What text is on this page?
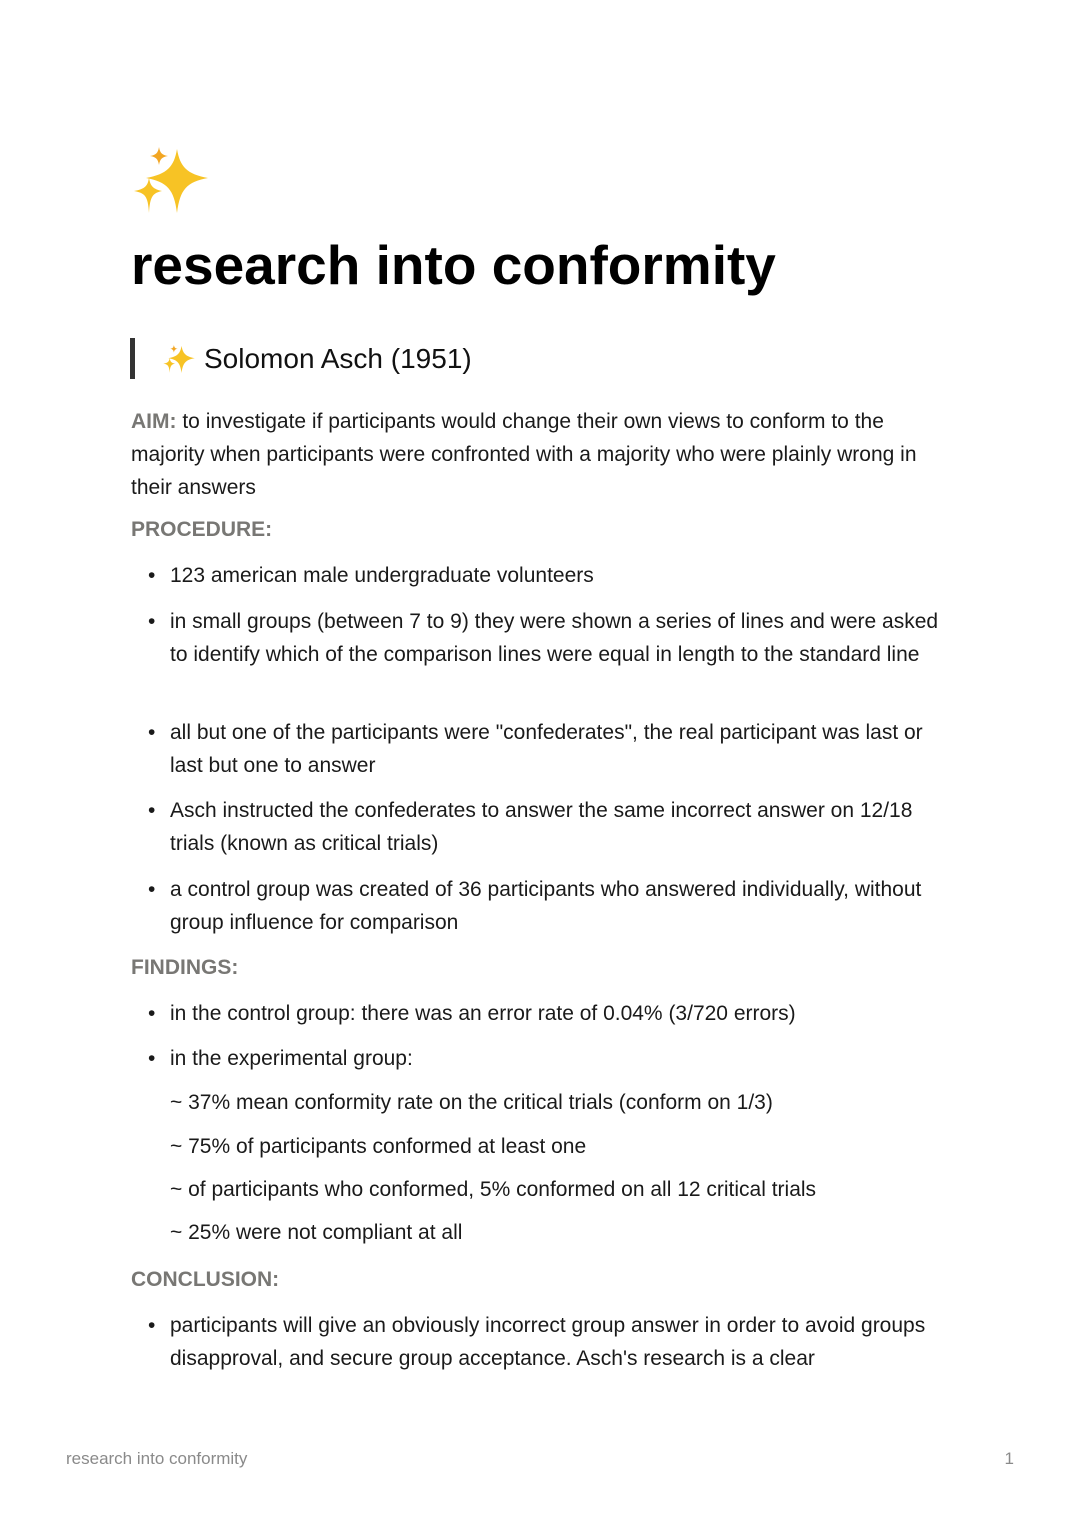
research into conformity
Solomon Asch (1951)
AIM: to investigate if participants would change their own views to conform to the majority when participants were confronted with a majority who were plainly wrong in their answers
PROCEDURE:
• 123 american male undergraduate volunteers
• in small groups (between 7 to 9) they were shown a series of lines and were asked to identify which of the comparison lines were equal in length to the standard line
• all but one of the participants were "confederates", the real participant was last or last but one to answer
• Asch instructed the confederates to answer the same incorrect answer on 12/18 trials (known as critical trials)
• a control group was created of 36 participants who answered individually, without group influence for comparison
FINDINGS:
• in the control group: there was an error rate of 0.04% (3/720 errors)
• in the experimental group:
~ 37% mean conformity rate on the critical trials (conform on 1/3)
~ 75% of participants conformed at least one
~ of participants who conformed, 5% conformed on all 12 critical trials
~ 25% were not compliant at all
CONCLUSION:
• participants will give an obviously incorrect group answer in order to avoid groups disapproval, and secure group acceptance. Asch's research is a clear
research into conformity	1
